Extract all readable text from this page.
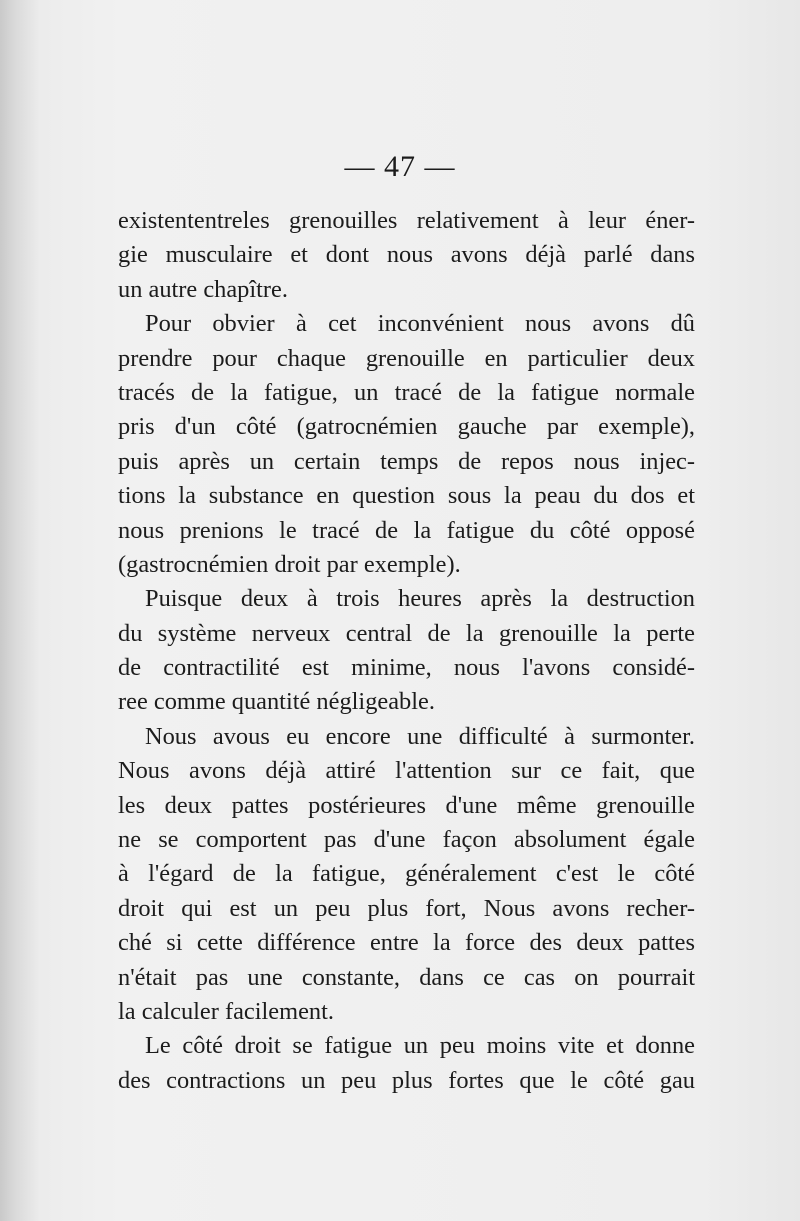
— 47 —
existententreles grenouilles relativement à leur éner-
gie musculaire et dont nous avons déjà parlé dans
un autre chapître.
Pour obvier à cet inconvénient nous avons dû
prendre pour chaque grenouille en particulier deux
tracés de la fatigue, un tracé de la fatigue normale
pris d'un côté (gatrocnémien gauche par exemple),
puis après un certain temps de repos nous injec-
tions la substance en question sous la peau du dos et
nous prenions le tracé de la fatigue du côté opposé
(gastrocnémien droit par exemple).
Puisque deux à trois heures après la destruction
du système nerveux central de la grenouille la perte
de contractilité est minime, nous l'avons considé-
ree comme quantité négligeable.
Nous avous eu encore une difficulté à surmonter.
Nous avons déjà attiré l'attention sur ce fait, que
les deux pattes postérieures d'une même grenouille
ne se comportent pas d'une façon absolument égale
à l'égard de la fatigue, généralement c'est le côté
droit qui est un peu plus fort, Nous avons recher-
ché si cette différence entre la force des deux pattes
n'était pas une constante, dans ce cas on pourrait
la calculer facilement.
Le côté droit se fatigue un peu moins vite et donne
des contractions un peu plus fortes que le côté gau
